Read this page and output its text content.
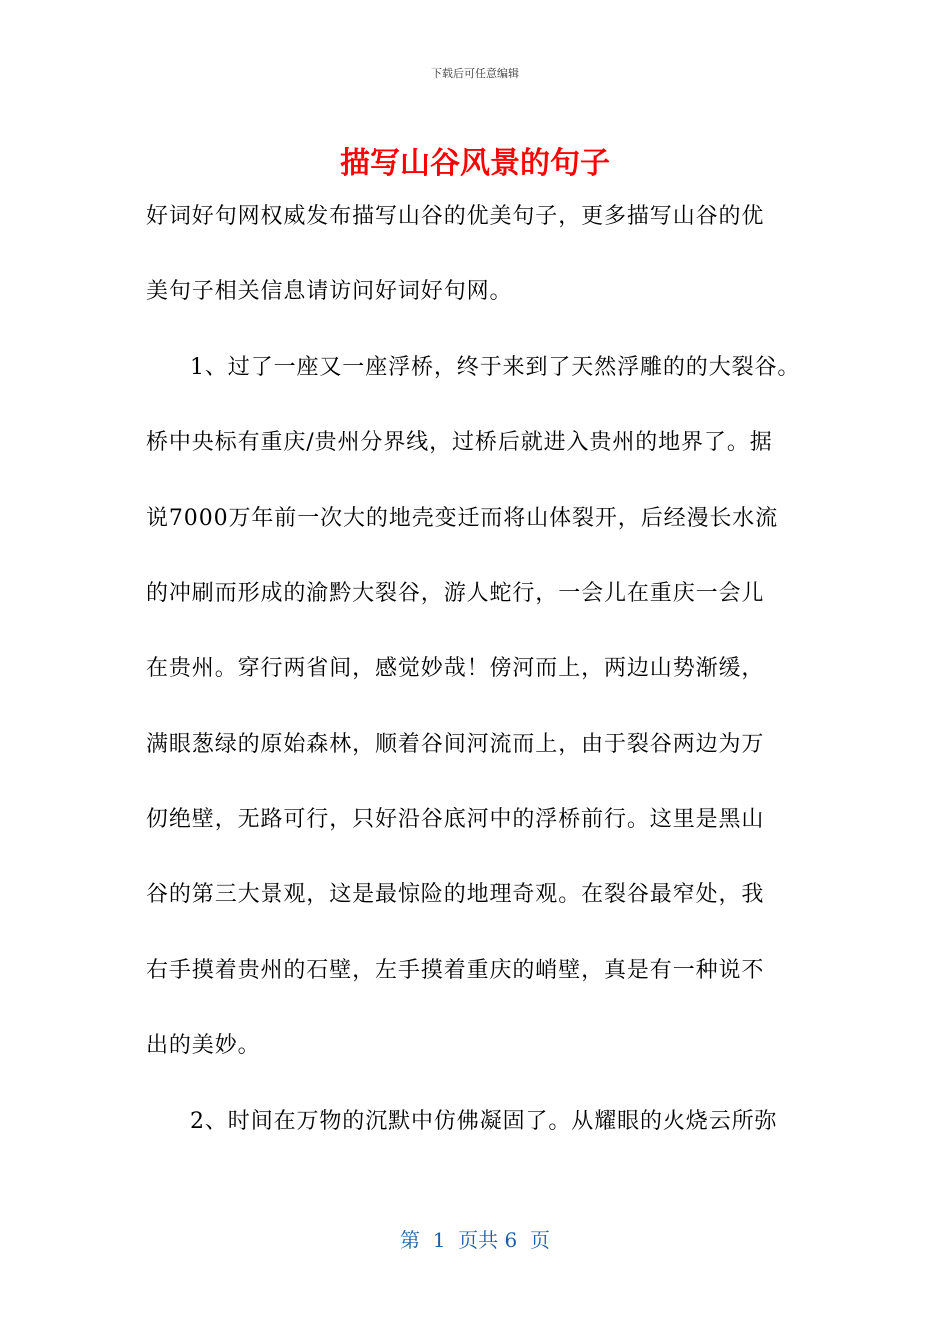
下载后可任意编辑
描写山谷风景的句子
好词好句网权威发布描写山谷的优美句子，更多描写山谷的优
美句子相关信息请访问好词好句网。
1、过了一座又一座浮桥，终于来到了天然浮雕的的大裂谷。
桥中央标有重庆/贵州分界线，过桥后就进入贵州的地界了。据
说7000万年前一次大的地壳变迁而将山体裂开，后经漫长水流
的冲刷而形成的渝黔大裂谷，游人蛇行，一会儿在重庆一会儿
在贵州。穿行两省间，感觉妙哉！傍河而上，两边山势渐缓，
满眼葱绿的原始森林，顺着谷间河流而上，由于裂谷两边为万
仞绝壁，无路可行，只好沿谷底河中的浮桥前行。这里是黑山
谷的第三大景观，这是最惊险的地理奇观。在裂谷最窄处，我
右手摸着贵州的石壁，左手摸着重庆的峭壁，真是有一种说不
出的美妙。
2、时间在万物的沉默中仿佛凝固了。从耀眼的火烧云所弥
第  1  页共 6  页
